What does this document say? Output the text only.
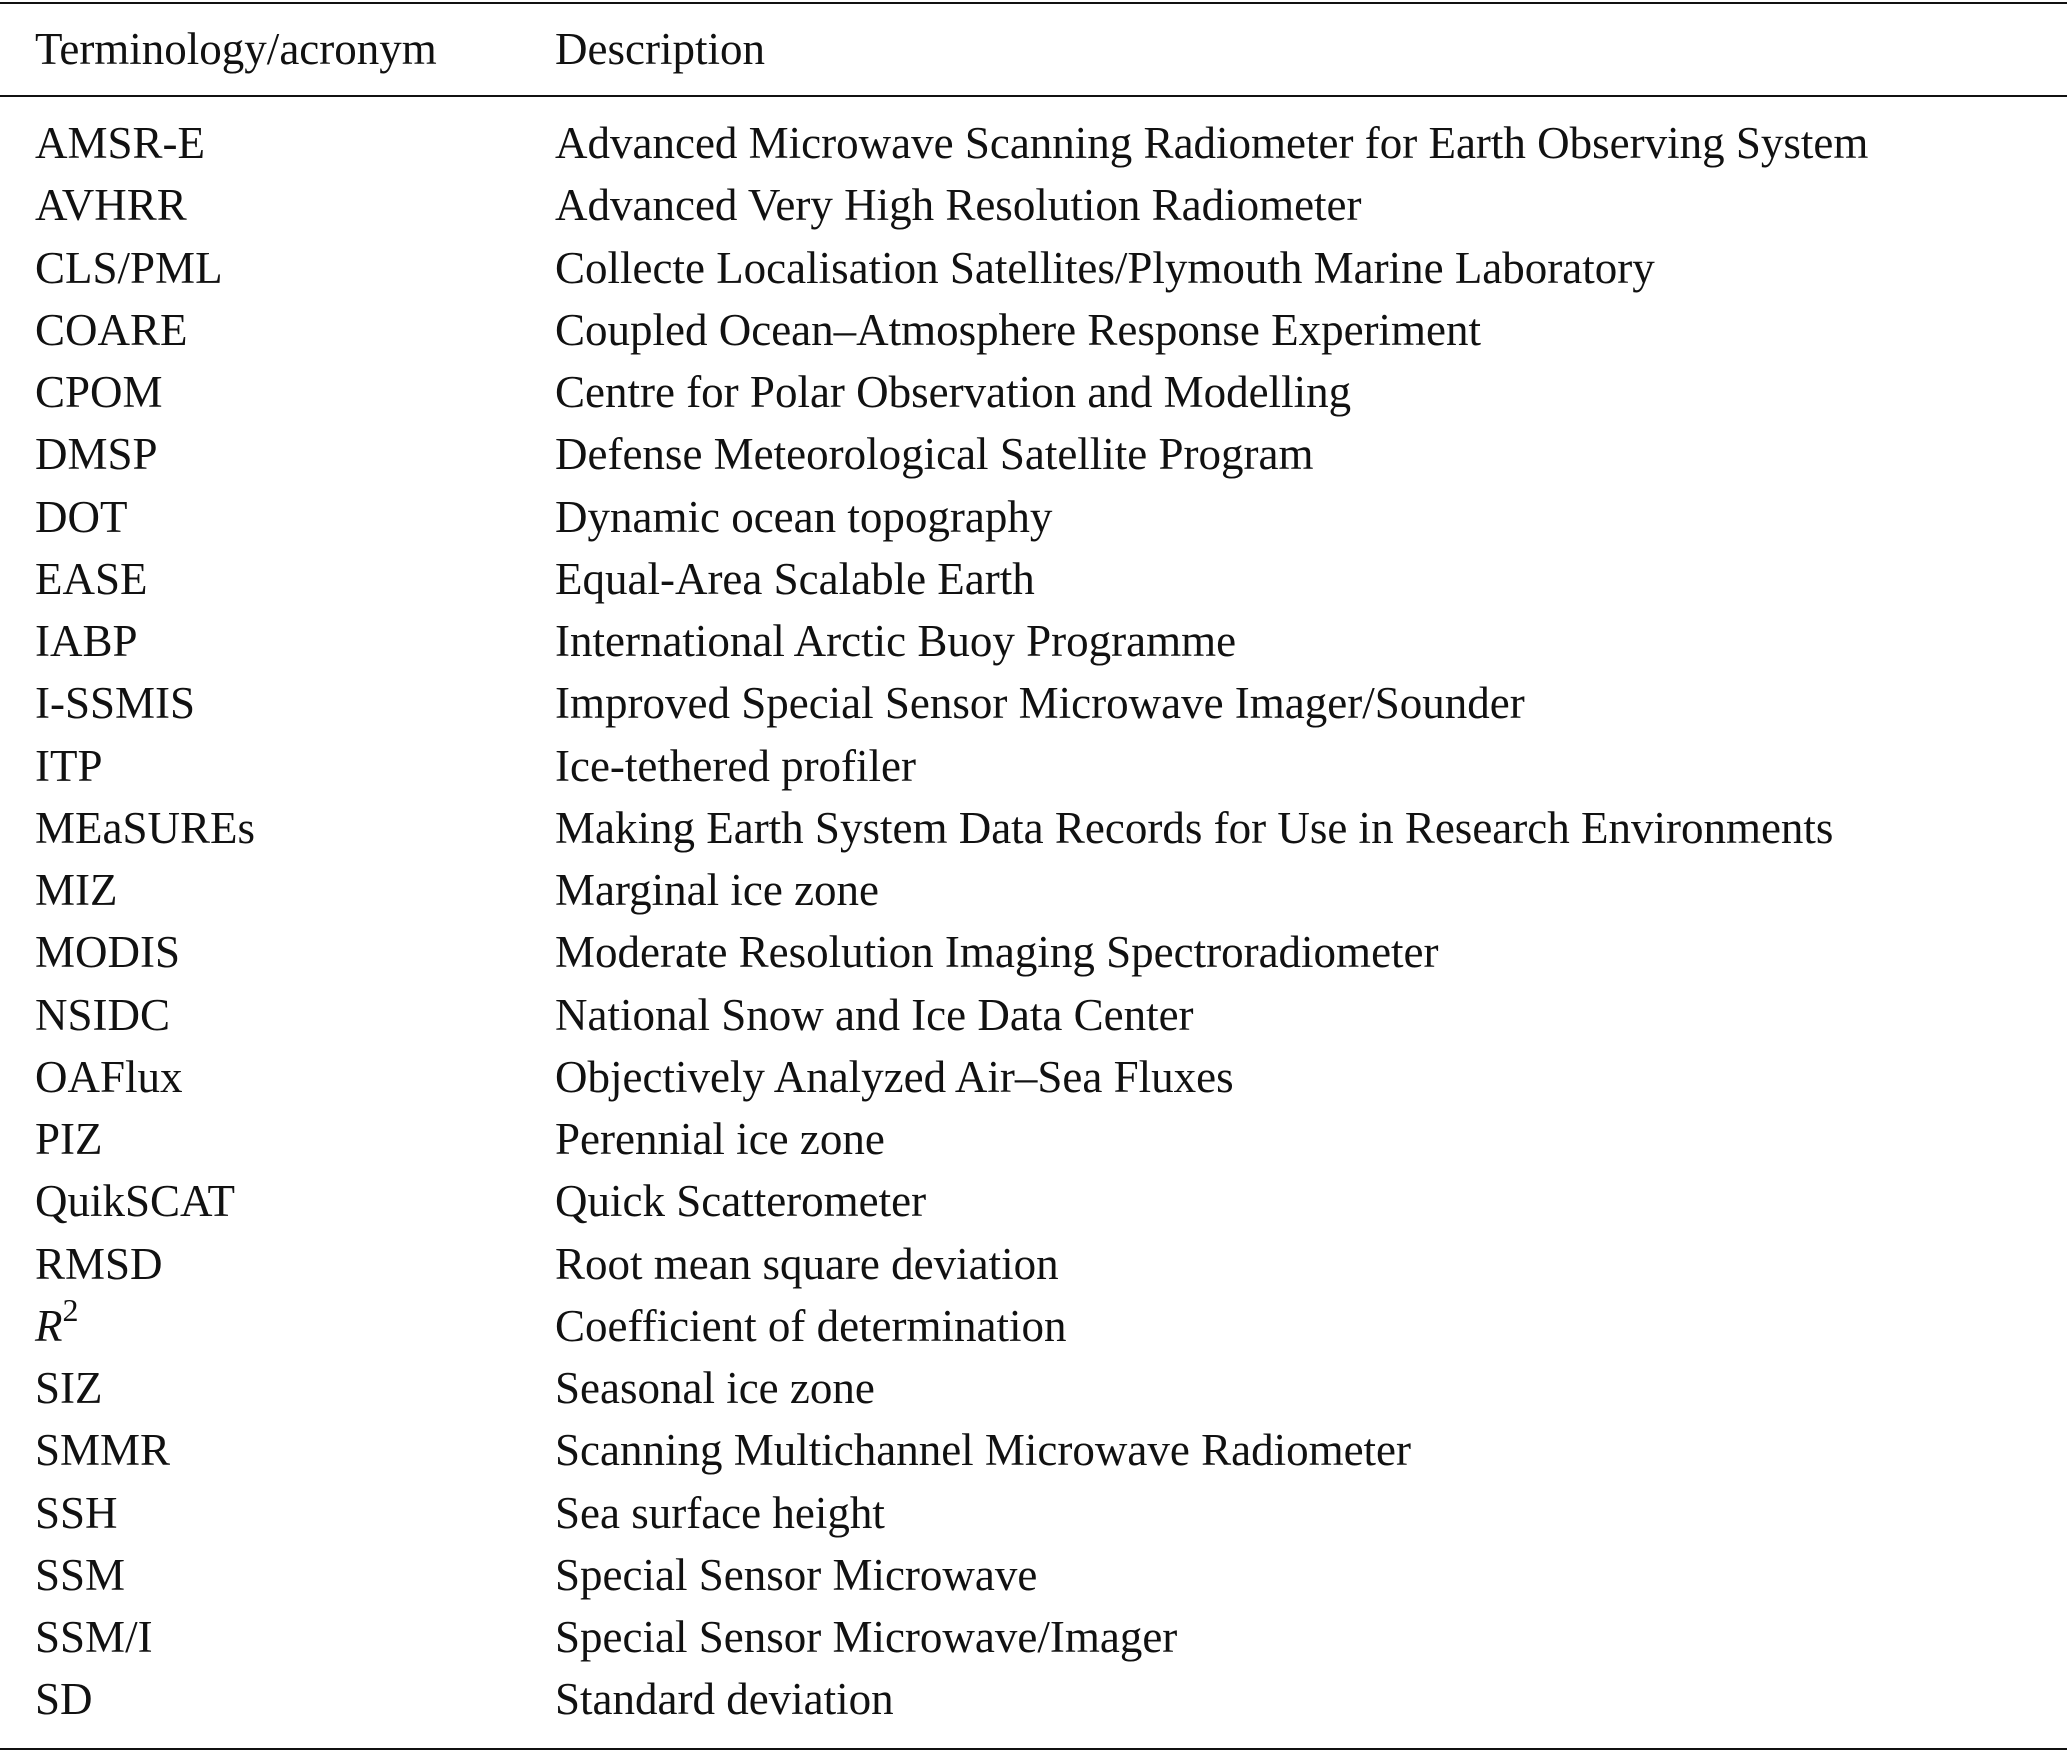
Terminology/acronym	Description
AMSR-E	Advanced Microwave Scanning Radiometer for Earth Observing System
AVHRR	Advanced Very High Resolution Radiometer
CLS/PML	Collecte Localisation Satellites/Plymouth Marine Laboratory
COARE	Coupled Ocean–Atmosphere Response Experiment
CPOM	Centre for Polar Observation and Modelling
DMSP	Defense Meteorological Satellite Program
DOT	Dynamic ocean topography
EASE	Equal-Area Scalable Earth
IABP	International Arctic Buoy Programme
I-SSMIS	Improved Special Sensor Microwave Imager/Sounder
ITP	Ice-tethered profiler
MEaSUREs	Making Earth System Data Records for Use in Research Environments
MIZ	Marginal ice zone
MODIS	Moderate Resolution Imaging Spectroradiometer
NSIDC	National Snow and Ice Data Center
OAFlux	Objectively Analyzed Air–Sea Fluxes
PIZ	Perennial ice zone
QuikSCAT	Quick Scatterometer
RMSD	Root mean square deviation
$R^2$	Coefficient of determination
SIZ	Seasonal ice zone
SMMR	Scanning Multichannel Microwave Radiometer
SSH	Sea surface height
SSM	Special Sensor Microwave
SSM/I	Special Sensor Microwave/Imager
SD	Standard deviation
